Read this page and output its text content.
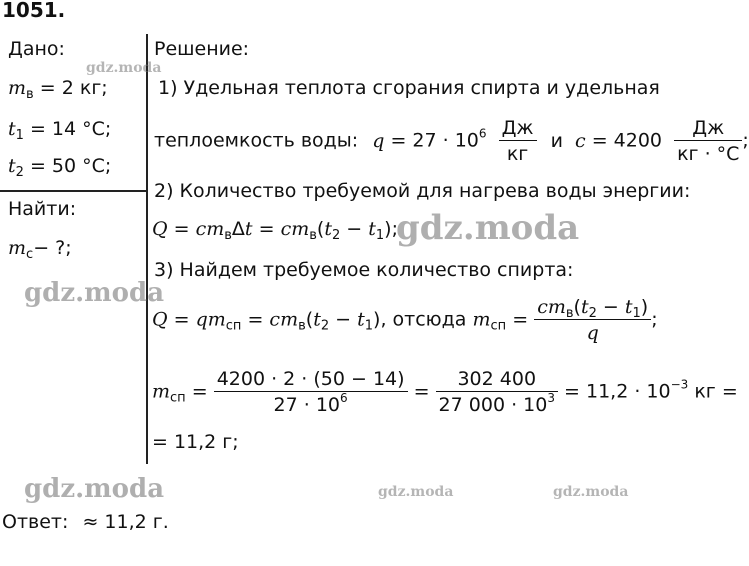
1051.
Дано:
$m_в = 2$ кг;
$t_1 = 14$ °C;
$t_2 = 50$ °C;
Найти:
$m_с-$ ?;
Решение:
1) Удельная теплота сгорания спирта и удельная
теплоемкость воды: $q = 27 \cdot 10^6 \frac{Дж}{кг}$ и $c = 4200 \frac{Дж}{кг \cdot ^\circ C}$ ;
2) Количество требуемой для нагрева воды энергии:
$Q = cm_в\Delta t = cm_в(t_2 - t_1)$;
3) Найдем требуемое количество спирта:
$Q = qm_{сп} = cm_в(t_2 - t_1)$, отсюда $m_{сп} = \frac{cm_в(t_2 - t_1)}{q}$ ;
$m_{сп} = \frac{4200 \cdot 2 \cdot (50 - 14)}{27 \cdot 10^6} = \frac{302 400}{27 000 \cdot 10^3} = 11,2 \cdot 10^{-3}$ кг =
= 11,2 г;
Ответ: ≈ 11,2 г.
gdz.moda
gdz.moda
gdz.moda
gdz.moda	gdz.moda	gdz.moda
